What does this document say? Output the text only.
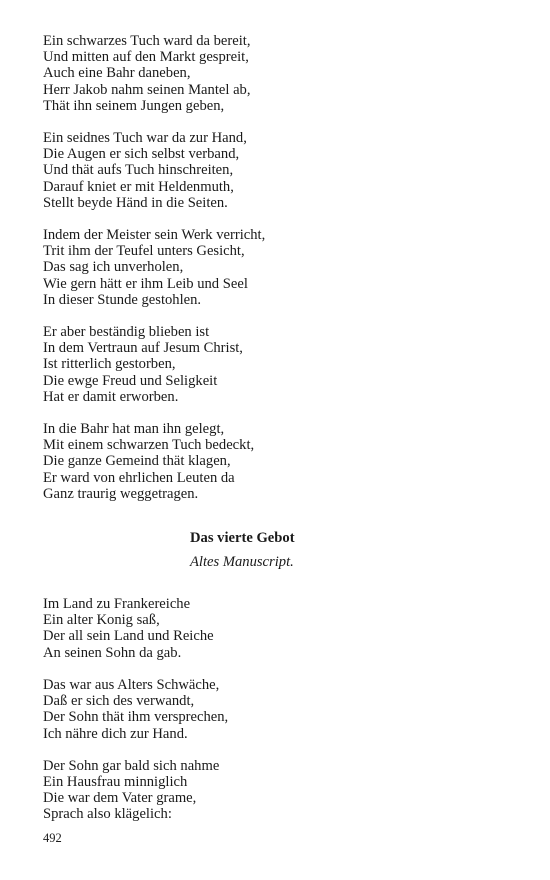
Ein schwarzes Tuch ward da bereit,
Und mitten auf den Markt gespreit,
Auch eine Bahr daneben,
Herr Jakob nahm seinen Mantel ab,
Thät ihn seinem Jungen geben,
Ein seidnes Tuch war da zur Hand,
Die Augen er sich selbst verband,
Und thät aufs Tuch hinschreiten,
Darauf kniet er mit Heldenmuth,
Stellt beyde Händ in die Seiten.
Indem der Meister sein Werk verricht,
Trit ihm der Teufel unters Gesicht,
Das sag ich unverholen,
Wie gern hätt er ihm Leib und Seel
In dieser Stunde gestohlen.
Er aber beständig blieben ist
In dem Vertraun auf Jesum Christ,
Ist ritterlich gestorben,
Die ewge Freud und Seligkeit
Hat er damit erworben.
In die Bahr hat man ihn gelegt,
Mit einem schwarzen Tuch bedeckt,
Die ganze Gemeind thät klagen,
Er ward von ehrlichen Leuten da
Ganz traurig weggetragen.
Das vierte Gebot
Altes Manuscript.
Im Land zu Frankereiche
Ein alter Konig saß,
Der all sein Land und Reiche
An seinen Sohn da gab.
Das war aus Alters Schwäche,
Daß er sich des verwandt,
Der Sohn thät ihm versprechen,
Ich nähre dich zur Hand.
Der Sohn gar bald sich nahme
Ein Hausfrau minniglich
Die war dem Vater grame,
Sprach also klägelich:
492
